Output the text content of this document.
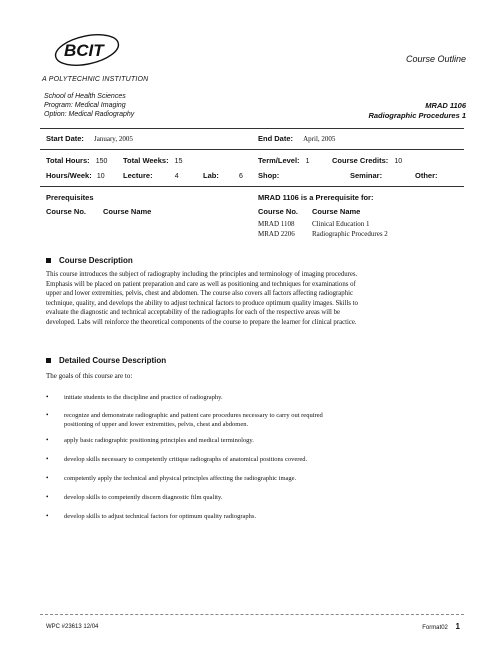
BCIT
A POLYTECHNIC INSTITUTION
Course Outline
School of Health Sciences
Program: Medical Imaging
Option: Medical Radiography
MRAD 1106
Radiographic Procedures 1
Start Date: January, 2005	End Date: April, 2005
Total Hours: 150 Total Weeks: 15	Term/Level: 1	Course Credits: 10
Hours/Week: 10 Lecture:	4	Lab:	6 Shop:	Seminar:	Other:
Prerequisites
Course No. Course Name
MRAD 1106 is a Prerequisite for:
Course No. Course Name
MRAD 1108	Clinical Education 1
MRAD 2206 Radiographic Procedures 2
Course Description
This course introduces the subject of radiography including the principles and terminology of imaging procedures.
Emphasis will be placed on patient preparation and care as well as positioning and techniques for examinations of
upper and lower extremities, pelvis, chest and abdomen. The course also covers all factors affecting radiographic
technique, quality, and develops the ability to adjust technical factors to produce optimum quality images. Skills to
evaluate the diagnostic and technical acceptability of the radiographs for each of the respective areas will be
developed. Labs will reinforce the theoretical components of the course to prepare the learner for clinical practice.
Detailed Course Description
The goals of this course are to:
•	initiate students to the discipline and practice of radiography.
•	recognize and demonstrate radiographic and patient care procedures necessary to carry out required
positioning of upper and lower extremities, pelvis, chest and abdomen.
•	apply basic radiographic positioning principles and medical terminology.
•	develop skills necessary to competently critique radiographs of anatomical positions covered.
•	competently apply the technical and physical principles affecting the radiographic image.
•	develop skills to competently discern diagnostic film quality.
•	develop skills to adjust technical factors for optimum quality radiographs.
WPC #23613 12/04	Format02 1
